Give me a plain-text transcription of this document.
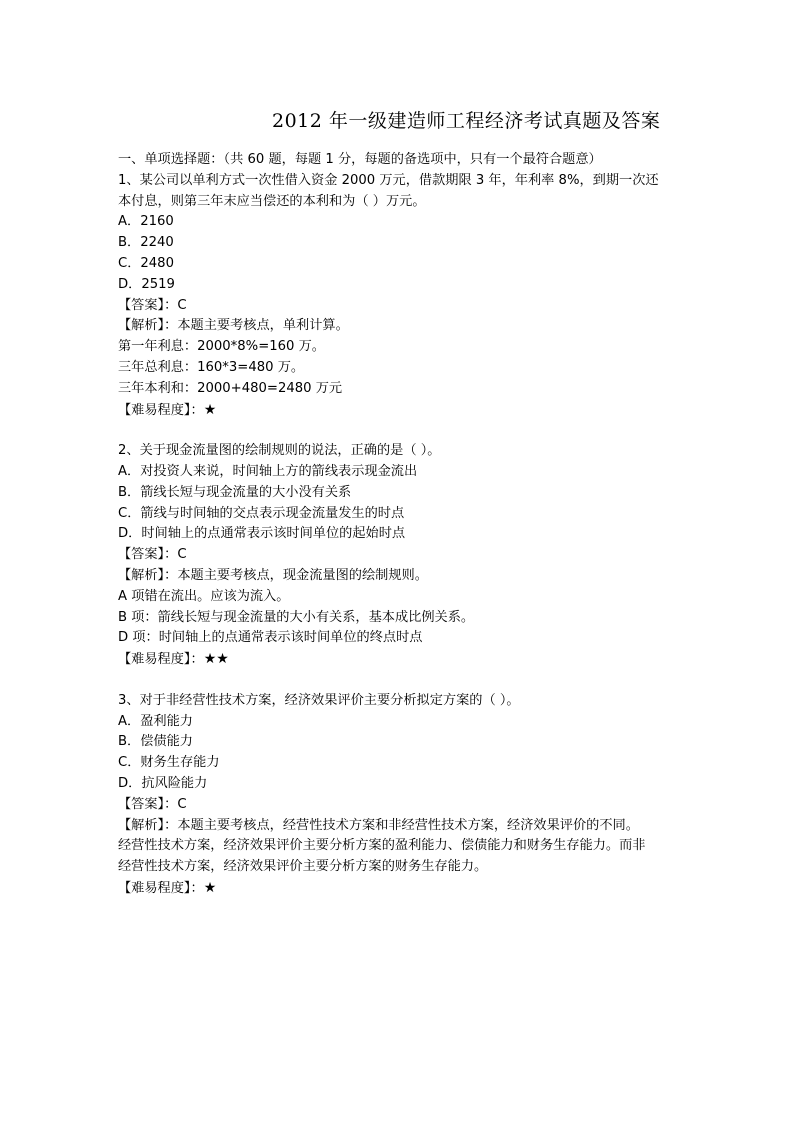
2012 年一级建造师工程经济考试真题及答案
一、单项选择题：（共 60 题，每题 1 分，每题的备选项中，只有一个最符合题意）
1、某公司以单利方式一次性借入资金 2000 万元，借款期限 3 年，年利率 8%，到期一次还
本付息，则第三年末应当偿还的本利和为（ ）万元。
A．2160
B．2240
C．2480
D．2519
【答案】：C
【解析】：本题主要考核点，单利计算。
第一年利息：2000*8%=160 万。
三年总利息：160*3=480 万。
三年本利和：2000+480=2480 万元
【难易程度】：★
2、关于现金流量图的绘制规则的说法，正确的是（ ）。
A．对投资人来说，时间轴上方的箭线表示现金流出
B．箭线长短与现金流量的大小没有关系
C．箭线与时间轴的交点表示现金流量发生的时点
D．时间轴上的点通常表示该时间单位的起始时点
【答案】：C
【解析】：本题主要考核点，现金流量图的绘制规则。
A 项错在流出。应该为流入。
B 项：箭线长短与现金流量的大小有关系，基本成比例关系。
D 项：时间轴上的点通常表示该时间单位的终点时点
【难易程度】：★★
3、对于非经营性技术方案，经济效果评价主要分析拟定方案的（ ）。
A．盈利能力
B．偿债能力
C．财务生存能力
D．抗风险能力
【答案】：C
【解析】：本题主要考核点，经营性技术方案和非经营性技术方案，经济效果评价的不同。
经营性技术方案，经济效果评价主要分析方案的盈利能力、偿债能力和财务生存能力。而非
经营性技术方案，经济效果评价主要分析方案的财务生存能力。
【难易程度】：★
